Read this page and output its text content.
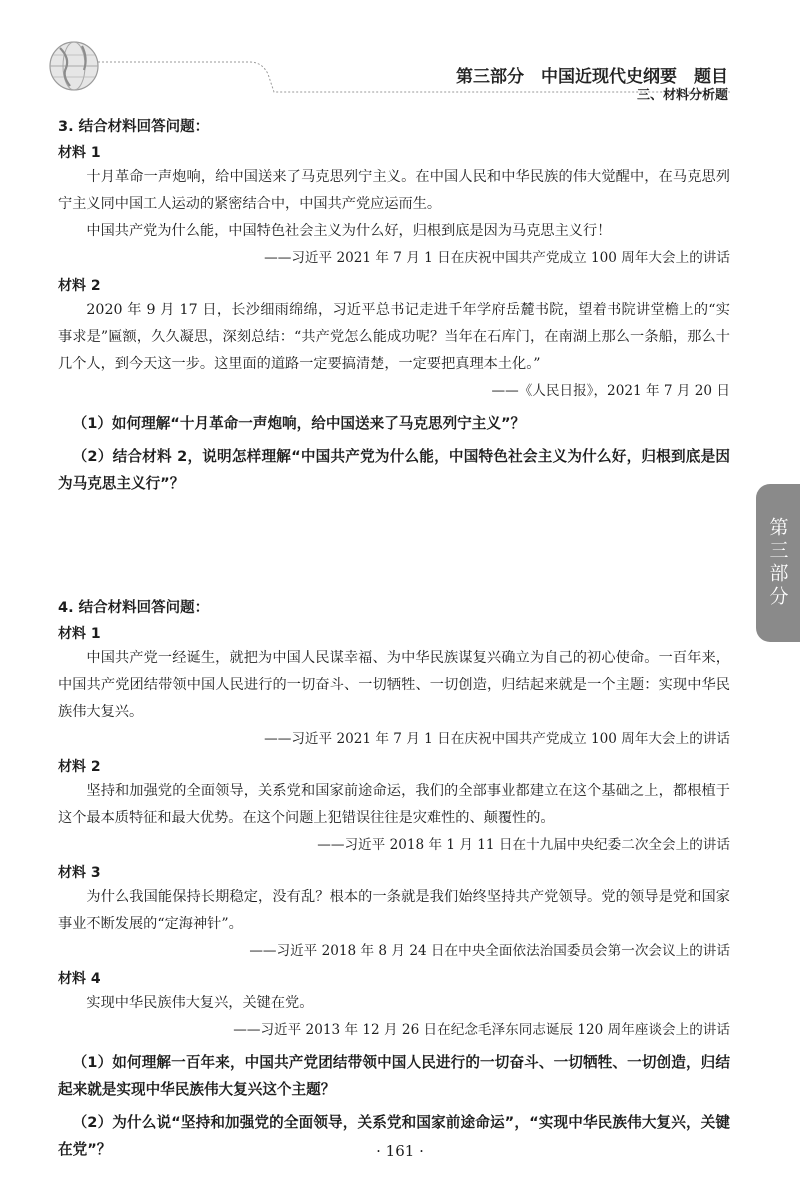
第三部分　中国近现代史纲要　题目
三、材料分析题
3. 结合材料回答问题：
材料 1

十月革命一声炮响，给中国送来了马克思列宁主义。在中国人民和中华民族的伟大觉醒中，在马克思列宁主义同中国工人运动的紧密结合中，中国共产党应运而生。

中国共产党为什么能，中国特色社会主义为什么好，归根到底是因为马克思主义行！

——习近平 2021 年 7 月 1 日在庆祝中国共产党成立 100 周年大会上的讲话

材料 2

2020 年 9 月 17 日，长沙细雨绵绵，习近平总书记走进千年学府岳麓书院，望着书院讲堂檐上的“实事求是”匾额，久久凝思，深刻总结：“共产党怎么能成功呢？当年在石库门，在南湖上那么一条船，那么十几个人，到今天这一步。这里面的道路一定要搞清楚，一定要把真理本土化。”

——《人民日报》，2021 年 7 月 20 日

（1）如何理解“十月革命一声炮响，给中国送来了马克思列宁主义”？

（2）结合材料 2，说明怎样理解“中国共产党为什么能，中国特色社会主义为什么好，归根到底是因为马克思主义行”？

4. 结合材料回答问题：
材料 1

中国共产党一经诞生，就把为中国人民谋幸福、为中华民族谋复兴确立为自己的初心使命。一百年来，中国共产党团结带领中国人民进行的一切奋斗、一切牺牲、一切创造，归结起来就是一个主题：实现中华民族伟大复兴。

——习近平 2021 年 7 月 1 日在庆祝中国共产党成立 100 周年大会上的讲话

材料 2

坚持和加强党的全面领导，关系党和国家前途命运，我们的全部事业都建立在这个基础之上，都根植于这个最本质特征和最大优势。在这个问题上犯错误往往是灾难性的、颠覆性的。

——习近平 2018 年 1 月 11 日在十九届中央纪委二次全会上的讲话

材料 3

为什么我国能保持长期稳定，没有乱？根本的一条就是我们始终坚持共产党领导。党的领导是党和国家事业不断发展的“定海神针”。

——习近平 2018 年 8 月 24 日在中央全面依法治国委员会第一次会议上的讲话

材料 4

实现中华民族伟大复兴，关键在党。

——习近平 2013 年 12 月 26 日在纪念毛泽东同志诞辰 120 周年座谈会上的讲话

（1）如何理解一百年来，中国共产党团结带领中国人民进行的一切奋斗、一切牺牲、一切创造，归结起来就是实现中华民族伟大复兴这个主题？

（2）为什么说“坚持和加强党的全面领导，关系党和国家前途命运”，“实现中华民族伟大复兴，关键在党”？

第三部分
· 161 ·
